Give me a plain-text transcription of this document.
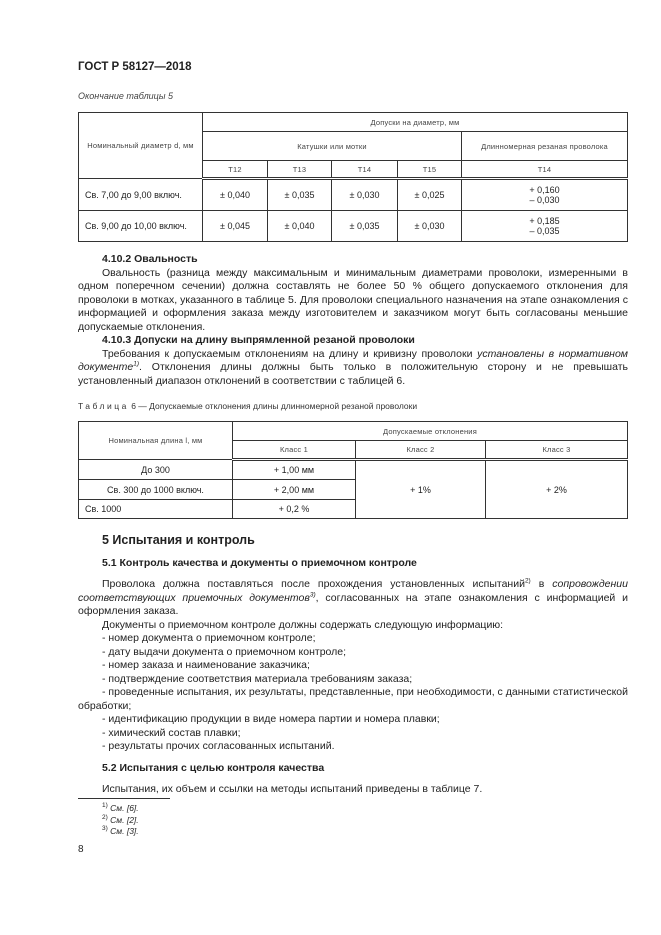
ГОСТ Р 58127—2018
Окончание таблицы 5
Номинальный диаметр d, мм	Допуски на диаметр, мм				
	Катушки или мотки				Длинномерная резаная проволока
	Т12	Т13	Т14	Т15	Т14
Св. 7,00 до 9,00 включ.	± 0,040	± 0,035	± 0,030	± 0,025	+ 0,160
– 0,030

Св. 9,00 до 10,00 включ.	± 0,045	± 0,040	± 0,035	± 0,030	+ 0,185
– 0,035

4.10.2 Овальность

Овальность (разница между максимальным и минимальным диаметрами проволоки, измеренными в одном поперечном сечении) должна составлять не более 50 % общего допускаемого отклонения для проволоки в мотках, указанного в таблице 5. Для проволоки специального назначения на этапе ознакомления с информацией и оформления заказа между изготовителем и заказчиком могут быть согласованы меньшие допускаемые отклонения.

4.10.3 Допуски на длину выпрямленной резаной проволоки

Требования к допускаемым отклонениям на длину и кривизну проволоки установлены в нормативном документе$^{1)}$. Отклонения длины должны быть только в положительную сторону и не превышать установленный диапазон отклонений в соответствии с таблицей 6.

Таблица 6 — Допускаемые отклонения длины длинномерной резаной проволоки
Номинальная длина l, мм	Допускаемые отклонения		
	Класс 1	Класс 2	Класс 3
До 300	+ 1,00 мм	+ 1%	+ 2%
Св. 300 до 1000 включ.	+ 2,00 мм		
Св. 1000	+ 0,2 %		

5 Испытания и контроль

5.1 Контроль качества и документы о приемочном контроле

Проволока должна поставляться после прохождения установленных испытаний$^{2)}$ в сопровождении соответствующих приемочных документов$^{3)}$, согласованных на этапе ознакомления с информацией и оформления заказа.

Документы о приемочном контроле должны содержать следующую информацию:

- номер документа о приемочном контроле;

- дату выдачи документа о приемочном контроле;

- номер заказа и наименование заказчика;

- подтверждение соответствия материала требованиям заказа;

- проведенные испытания, их результаты, представленные, при необходимости, с данными статистической обработки;

- идентификацию продукции в виде номера партии и номера плавки;

- химический состав плавки;

- результаты прочих согласованных испытаний.

5.2 Испытания с целью контроля качества

Испытания, их объем и ссылки на методы испытаний приведены в таблице 7.

$^{1)}$ См. [6].
$^{2)}$ См. [2].
$^{3)}$ См. [3].
8
